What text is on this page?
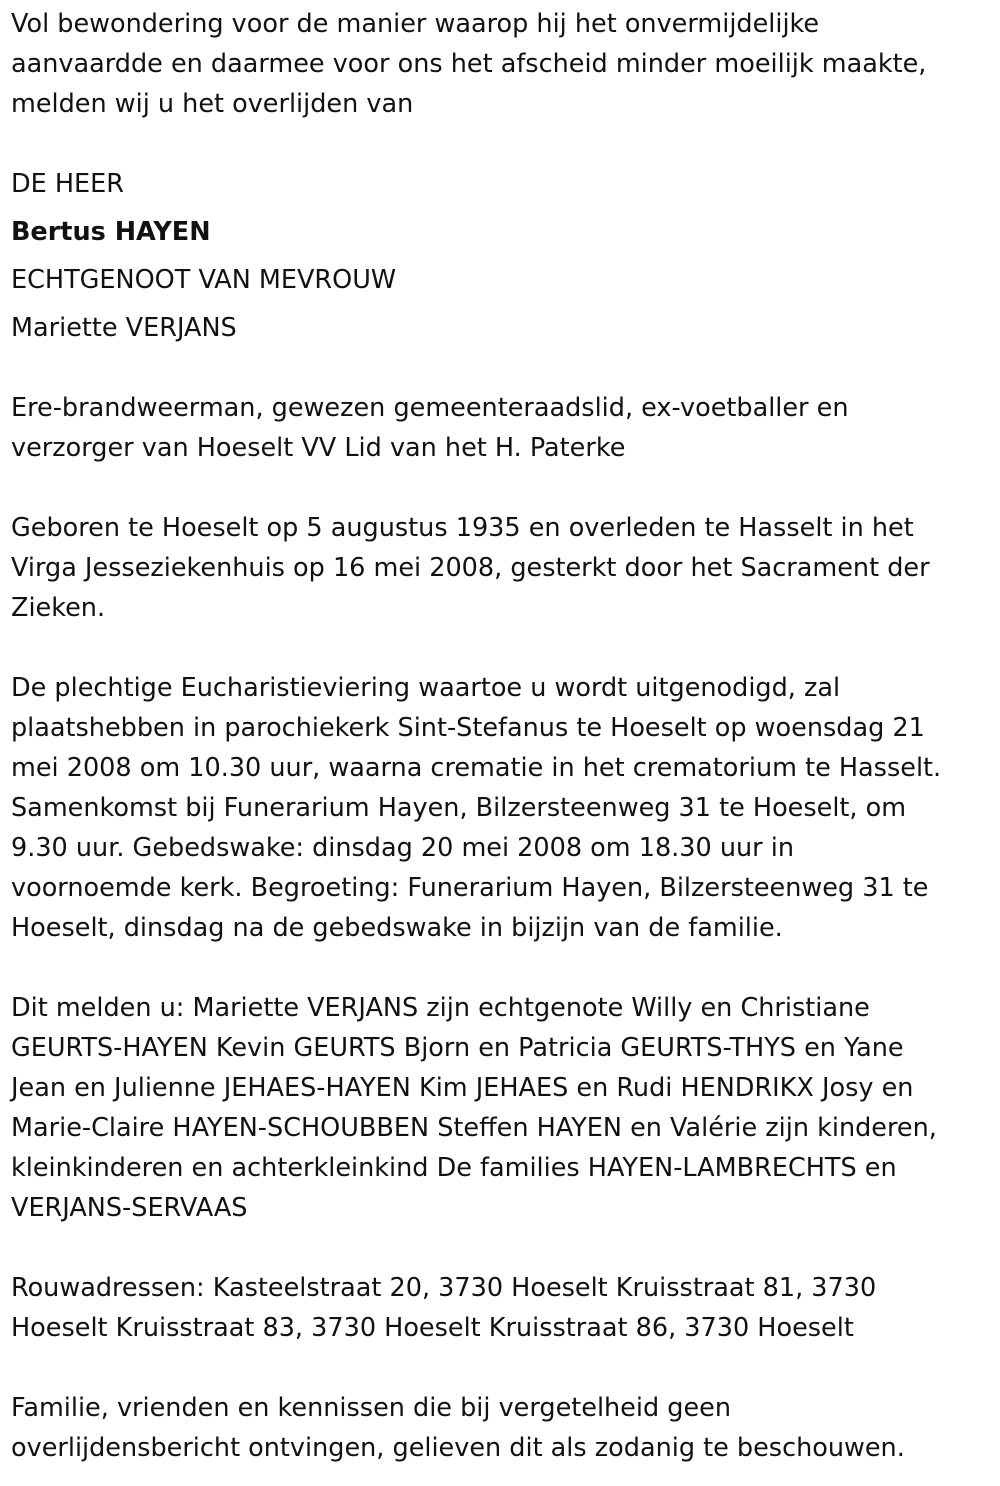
Vol bewondering voor de manier waarop hij het onvermijdelijke
aanvaardde en daarmee voor ons het afscheid minder moeilijk maakte,
melden wij u het overlijden van
DE HEER
Bertus HAYEN
ECHTGENOOT VAN MEVROUW
Mariette VERJANS
Ere-brandweerman, gewezen gemeenteraadslid, ex-voetballer en
verzorger van Hoeselt VV Lid van het H. Paterke
Geboren te Hoeselt op 5 augustus 1935 en overleden te Hasselt in het
Virga Jesseziekenhuis op 16 mei 2008, gesterkt door het Sacrament der
Zieken.
De plechtige Eucharistieviering waartoe u wordt uitgenodigd, zal
plaatshebben in parochiekerk Sint-Stefanus te Hoeselt op woensdag 21
mei 2008 om 10.30 uur, waarna crematie in het crematorium te Hasselt.
Samenkomst bij Funerarium Hayen, Bilzersteenweg 31 te Hoeselt, om
9.30 uur. Gebedswake: dinsdag 20 mei 2008 om 18.30 uur in
voornoemde kerk. Begroeting: Funerarium Hayen, Bilzersteenweg 31 te
Hoeselt, dinsdag na de gebedswake in bijzijn van de familie.
Dit melden u: Mariette VERJANS zijn echtgenote Willy en Christiane
GEURTS-HAYEN Kevin GEURTS Bjorn en Patricia GEURTS-THYS en Yane
Jean en Julienne JEHAES-HAYEN Kim JEHAES en Rudi HENDRIKX Josy en
Marie-Claire HAYEN-SCHOUBBEN Steffen HAYEN en Valérie zijn kinderen,
kleinkinderen en achterkleinkind De families HAYEN-LAMBRECHTS en
VERJANS-SERVAAS
Rouwadressen: Kasteelstraat 20, 3730 Hoeselt Kruisstraat 81, 3730
Hoeselt Kruisstraat 83, 3730 Hoeselt Kruisstraat 86, 3730 Hoeselt
Familie, vrienden en kennissen die bij vergetelheid geen
overlijdensbericht ontvingen, gelieven dit als zodanig te beschouwen.
